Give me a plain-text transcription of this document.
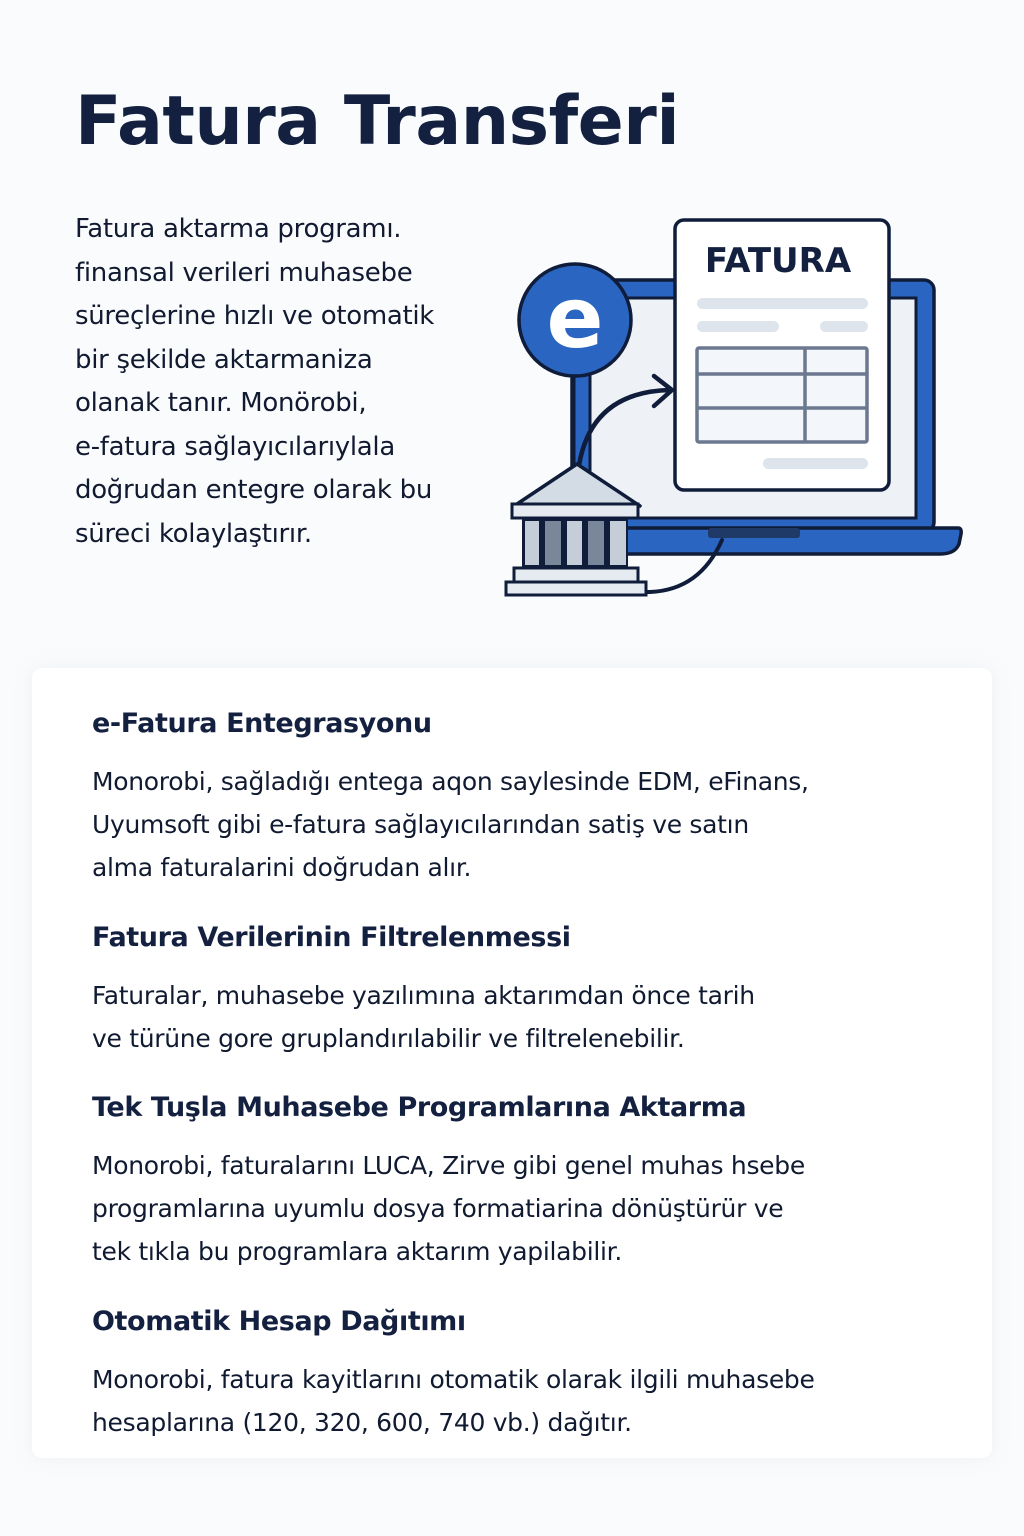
Fatura Transferi
Fatura aktarma programı.
finansal verileri muhasebe
süreçlerine hızlı ve otomatik
bir şekilde aktarmaniza
olanak tanır. Monörobi,
e-fatura sağlayıcılarıylala
doğrudan entegre olarak bu
süreci kolaylaştırır.
FATURA
e
e-Fatura Entegrasyonu
Monorobi, sağladığı entega aqon saylesinde EDM, eFinans,
Uyumsoft gibi e-fatura sağlayıcılarından satiş ve satın
alma faturalarini doğrudan alır.
Fatura Verilerinin Filtrelenmessi
Faturalar, muhasebe yazılımına aktarımdan önce tarih
ve türüne gore gruplandırılabilir ve filtrelenebilir.
Tek Tuşla Muhasebe Programlarına Aktarma
Monorobi, faturalarını LUCA, Zirve gibi genel muhas hsebe
programlarına uyumlu dosya formatiarina dönüştürür ve
tek tıkla bu programlara aktarım yapilabilir.
Otomatik Hesap Dağıtımı
Monorobi, fatura kayitlarını otomatik olarak ilgili muhasebe
hesaplarına (120, 320, 600, 740 vb.) dağıtır.
